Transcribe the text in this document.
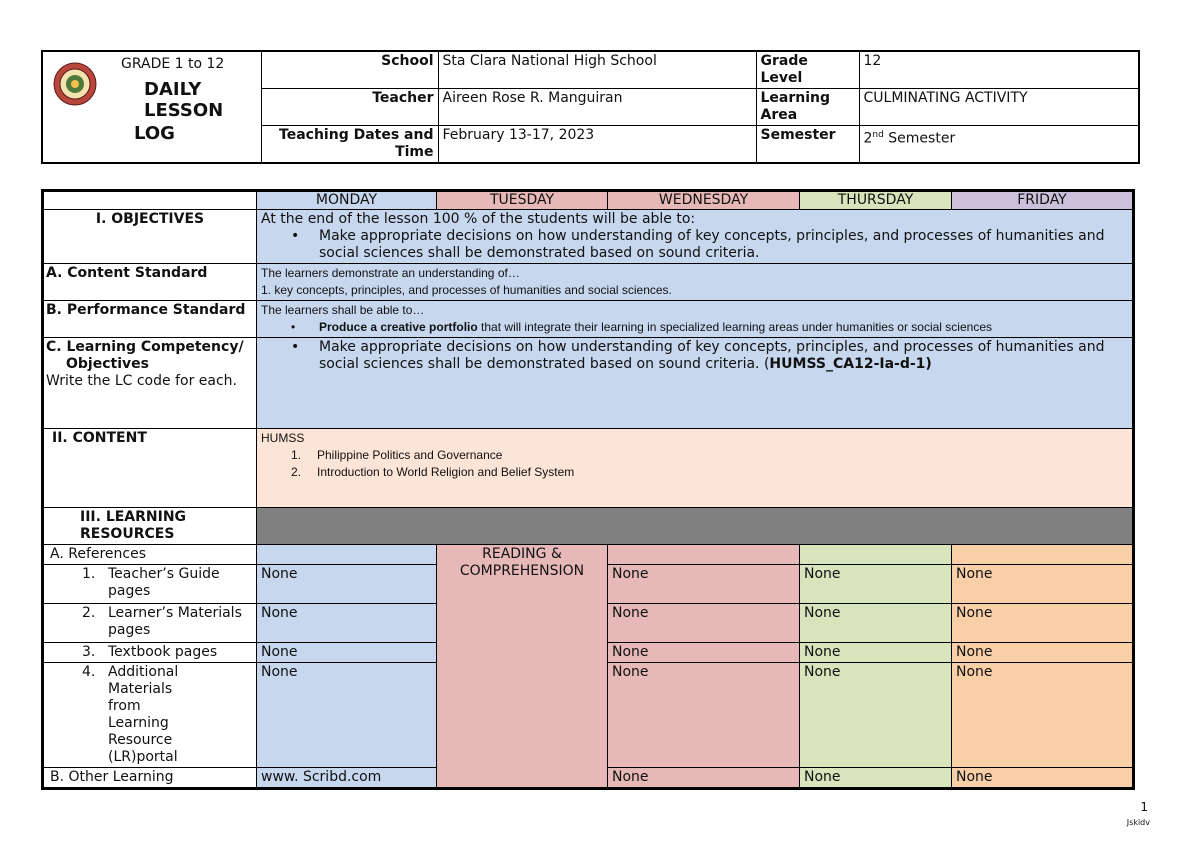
GRADE 1 to 12
DAILY
LESSON
LOG	School	Sta Clara National High School	Grade Level	12
	Teacher	Aireen Rose R. Manguiran	Learning Area	CULMINATING ACTIVITY
	Teaching Dates and Time	February 13-17, 2023	Semester	2nd Semester
	MONDAY	TUESDAY	WEDNESDAY	THURSDAY	FRIDAY
I. OBJECTIVES	At the end of the lesson 100 % of the students will be able to:
• Make appropriate decisions on how understanding of key concepts, principles, and processes of humanities and social sciences shall be demonstrated based on sound criteria.

A. Content Standard	The learners demonstrate an understanding of…
1. key concepts, principles, and processes of humanities and social sciences.				

B. Performance Standard	The learners shall be able to…
• Produce a creative portfolio that will integrate their learning in specialized learning areas under humanities or social sciences

C. Learning Competency/Objectives
Write the LC code for each.	• Make appropriate decisions on how understanding of key concepts, principles, and processes of humanities and social sciences shall be demonstrated based on sound criteria. (HUMSS_CA12-Ia-d-1)

II. CONTENT	HUMSS
1. Philippine Politics and Governance
2. Introduction to World Religion and Belief System				

III. LEARNING RESOURCES					
A. References		READING & COMPREHENSION			

1. Teacher’s Guide pages	None		None	None	None

2. Learner’s Materials pages	None		None	None	None

3. Textbook pages	None		None	None	None

4. Additional Materials from Learning Resource (LR)portal	None		None	None	None
B. Other Learning	www. Scribd.com		None	None	None
1
Jskidv
